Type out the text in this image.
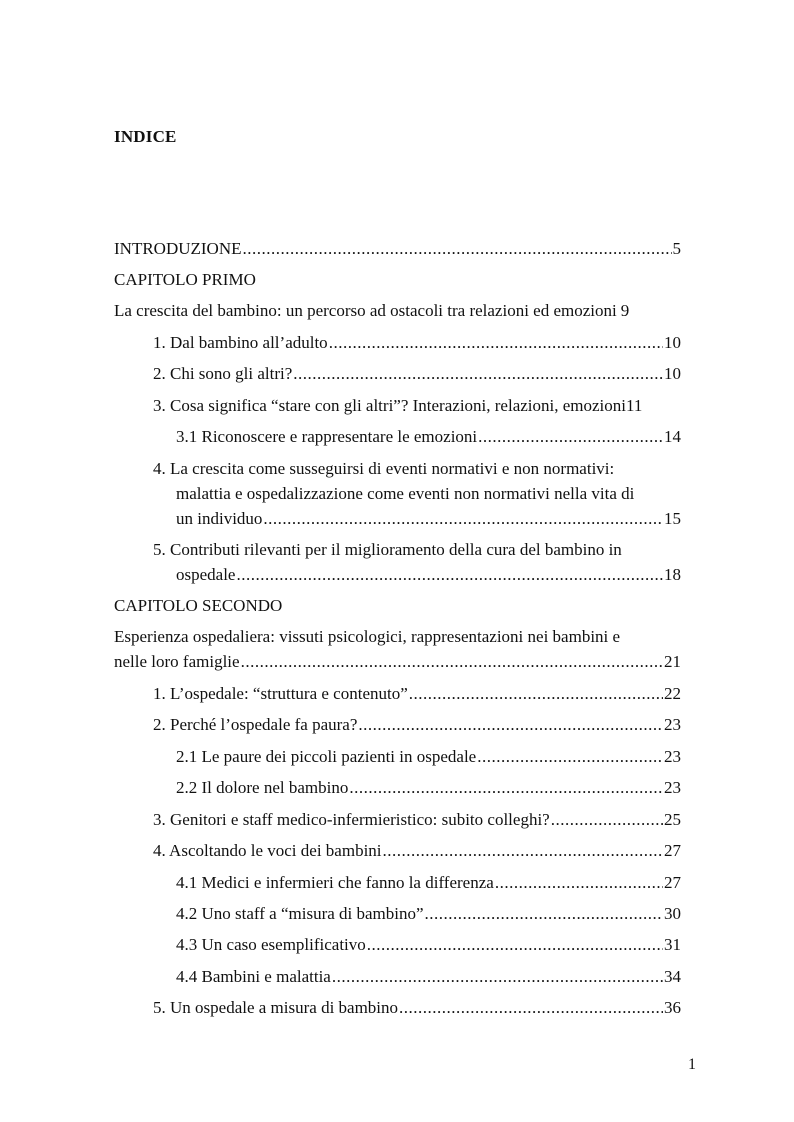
INDICE
INTRODUZIONE .....	5
CAPITOLO PRIMO
La crescita del bambino: un percorso ad ostacoli tra relazioni ed emozioni 9
1. Dal bambino all’adulto .....	10
2. Chi sono gli altri? .....	10
3. Cosa significa “stare con gli altri”? Interazioni, relazioni, emozioni 11
3.1 Riconoscere e rappresentare le emozioni .....	14
4. La crescita come susseguirsi di eventi normativi e non normativi:
malattia e ospedalizzazione come eventi non normativi nella vita di
un individuo .....	15
5. Contributi rilevanti per il miglioramento della cura del bambino in
ospedale .....	18
CAPITOLO SECONDO
Esperienza ospedaliera: vissuti psicologici, rappresentazioni nei bambini e
nelle loro famiglie .....	21
1. L’ospedale: “struttura e contenuto” .....	22
2. Perché l’ospedale fa paura? .....	23
2.1 Le paure dei piccoli pazienti in ospedale .....	23
2.2 Il dolore nel bambino .....	23
3. Genitori e staff medico-infermieristico: subito colleghi? .....	25
4. Ascoltando le voci dei bambini .....	27
4.1 Medici e infermieri che fanno la differenza .....	27
4.2 Uno staff a “misura di bambino” .....	30
4.3 Un caso esemplificativo .....	31
4.4 Bambini e malattia .....	34
5. Un ospedale a misura di bambino .....	36
1
